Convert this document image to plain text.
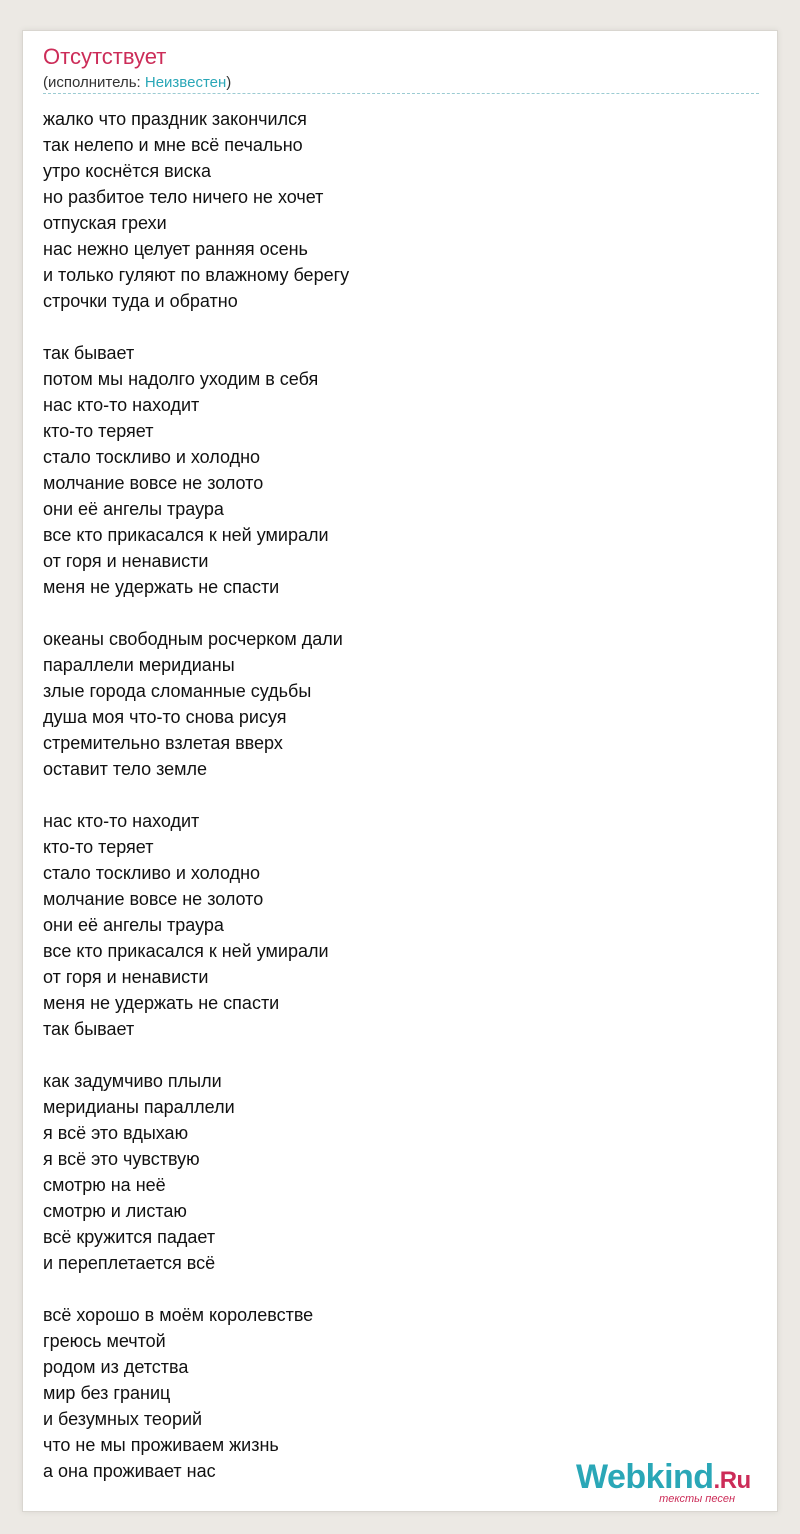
Отсутствует
(исполнитель: Неизвестен)
жалко что праздник закончился
так нелепо и мне всё печально
утро коснётся виска
но разбитое тело ничего не хочет
отпуская грехи
нас нежно целует ранняя осень
и только гуляют по влажному берегу
строчки туда и обратно
так бывает
потом мы надолго уходим в себя
нас кто-то находит
кто-то теряет
стало тоскливо и холодно
молчание вовсе не золото
они её ангелы траура
все кто прикасался к ней умирали
от горя и ненависти
меня не удержать не спасти
океаны свободным росчерком дали
параллели меридианы
злые города сломанные судьбы
душа моя что-то снова рисуя
стремительно взлетая вверх
оставит тело земле
нас кто-то находит
кто-то теряет
стало тоскливо и холодно
молчание вовсе не золото
они её ангелы траура
все кто прикасался к ней умирали
от горя и ненависти
меня не удержать не спасти
так бывает
как задумчиво плыли
меридианы параллели
я всё это вдыхаю
я всё это чувствую
смотрю на неё
смотрю и листаю
всё кружится падает
и переплетается всё
всё хорошо в моём королевстве
греюсь мечтой
родом из детства
мир без границ
и безумных теорий
что не мы проживаем жизнь
а она проживает нас	Webkind.Ru
тексты песен
